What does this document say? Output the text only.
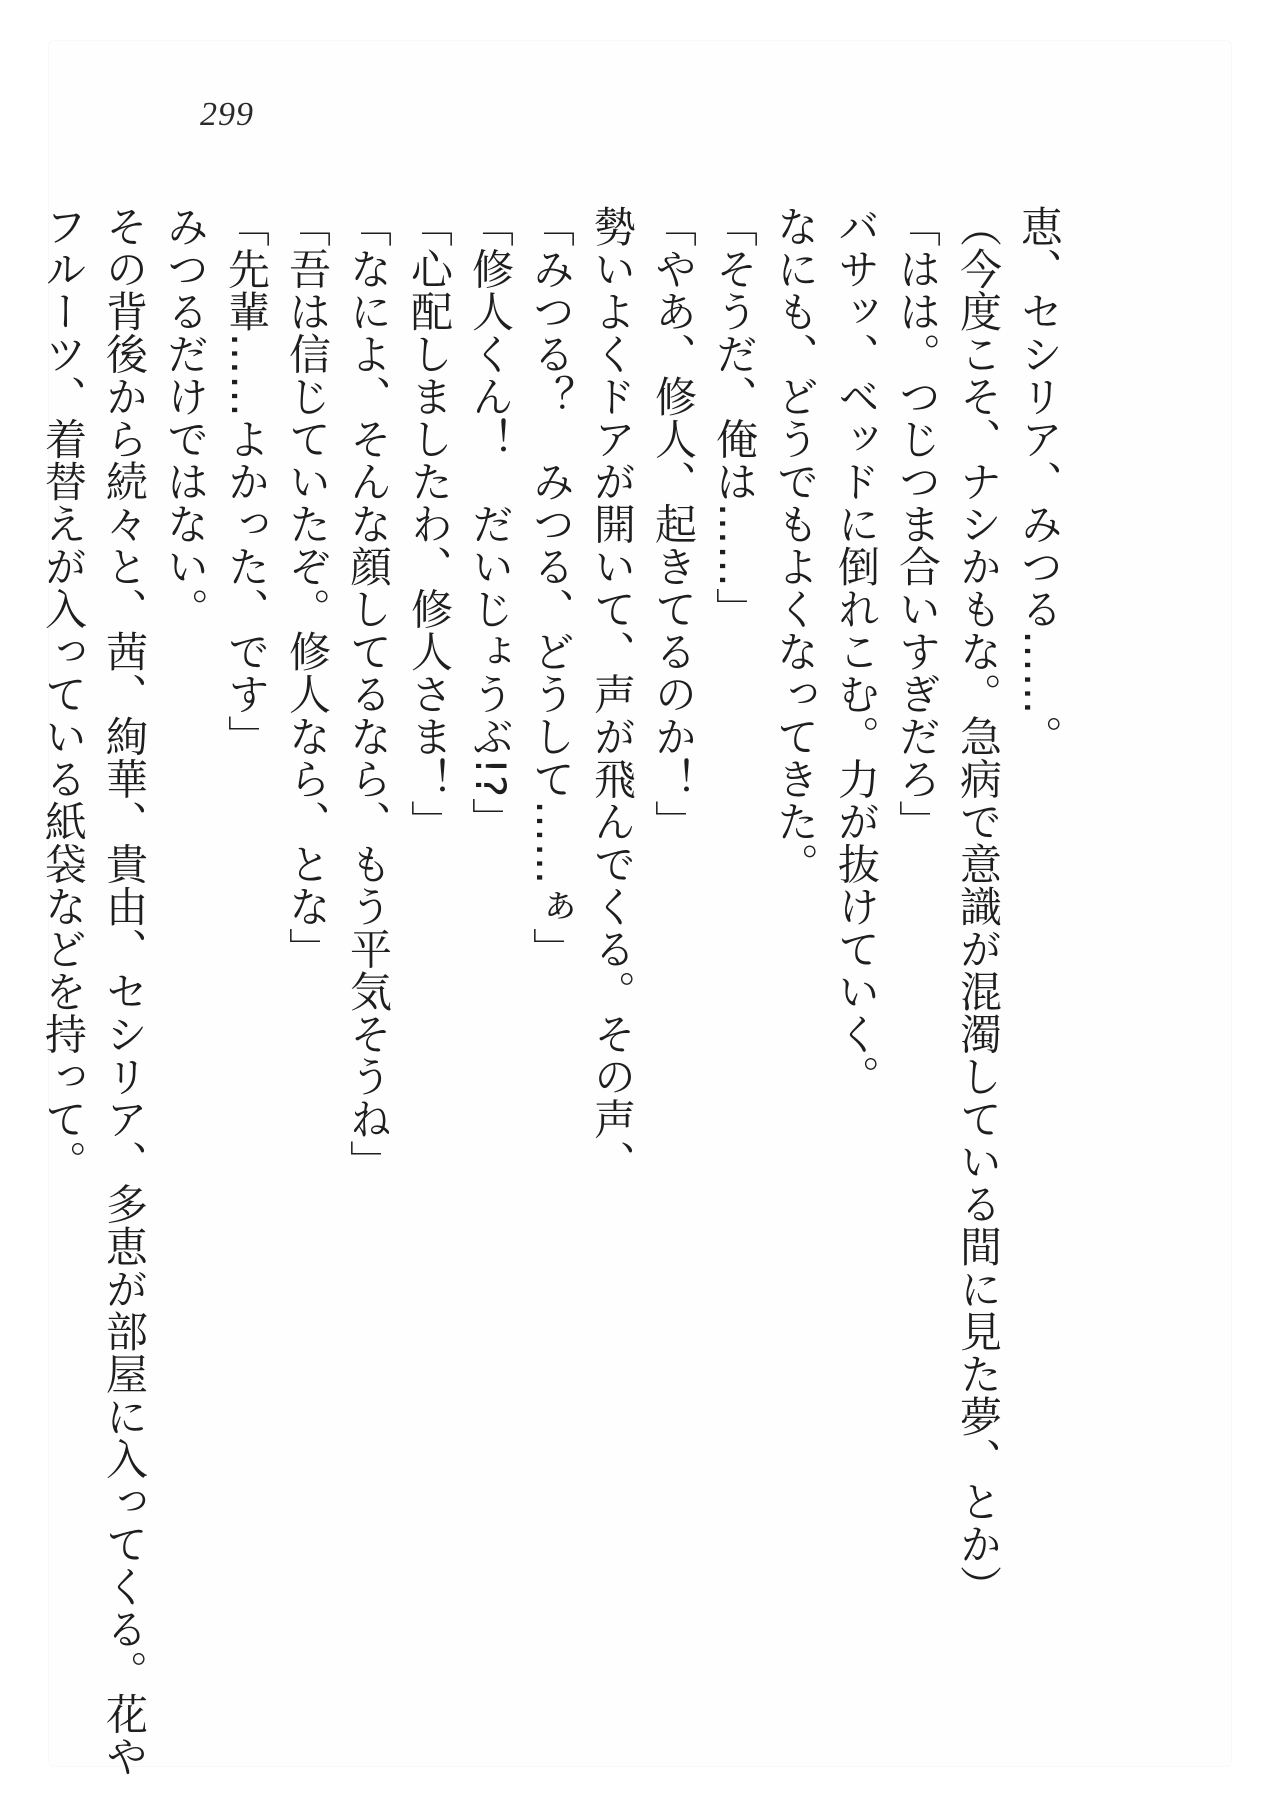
299
恵、セシリア、みつる……。
（今度こそ、ナシかもな。急病で意識が混濁している間に見た夢、とか）
「はは。つじつま合いすぎだろ」
バサッ、ベッドに倒れこむ。力が抜けていく。
なにも、どうでもよくなってきた。
「そうだ、俺は……」
「やあ、修人、起きてるのか！」
勢いよくドアが開いて、声が飛んでくる。その声、
「みつる？　みつる、どうして……ぁ」
「修人くん！　だいじょうぶ!?」
「心配しましたわ、修人さま！」
「なによ、そんな顔してるなら、もう平気そうね」
「吾は信じていたぞ。修人なら、とな」
「先輩……よかった、です」
みつるだけではない。
その背後から続々と、茜、絢華、貴由、セシリア、多恵が部屋に入ってくる。花や
フルーツ、着替えが入っている紙袋などを持って。
